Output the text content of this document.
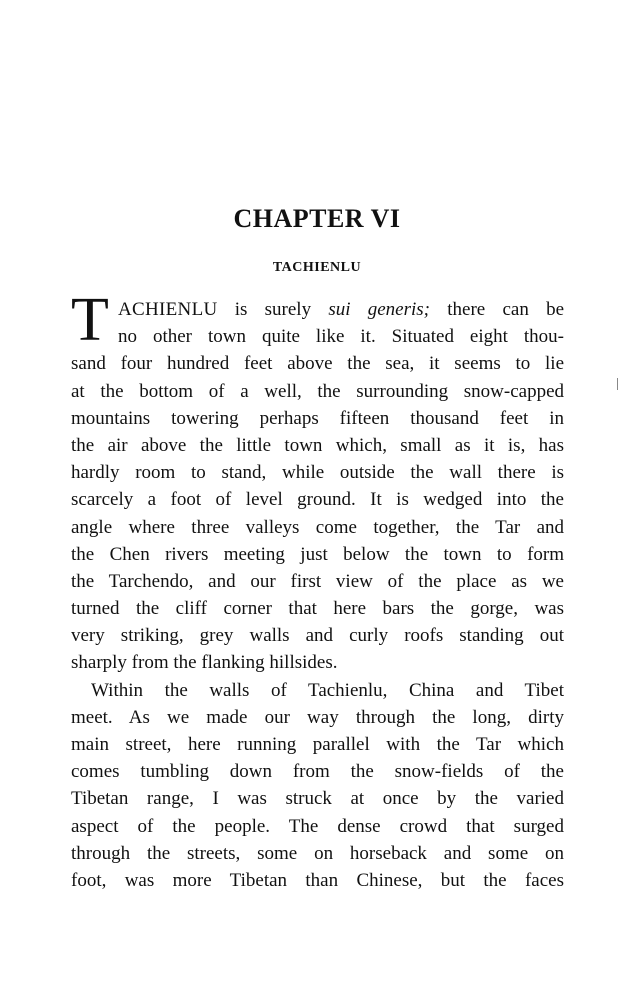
CHAPTER VI
TACHIENLU
T ACHIENLU is surely sui generis; there can be
no other town quite like it. Situated eight thou-
sand four hundred feet above the sea, it seems to lie
at the bottom of a well, the surrounding snow-capped
mountains towering perhaps fifteen thousand feet in
the air above the little town which, small as it is, has
hardly room to stand, while outside the wall there is
scarcely a foot of level ground. It is wedged into the
angle where three valleys come together, the Tar and
the Chen rivers meeting just below the town to form
the Tarchendo, and our first view of the place as we
turned the cliff corner that here bars the gorge, was
very striking, grey walls and curly roofs standing out
sharply from the flanking hillsides.
Within the walls of Tachienlu, China and Tibet
meet. As we made our way through the long, dirty
main street, here running parallel with the Tar which
comes tumbling down from the snow-fields of the
Tibetan range, I was struck at once by the varied
aspect of the people. The dense crowd that surged
through the streets, some on horseback and some on
foot, was more Tibetan than Chinese, but the faces
